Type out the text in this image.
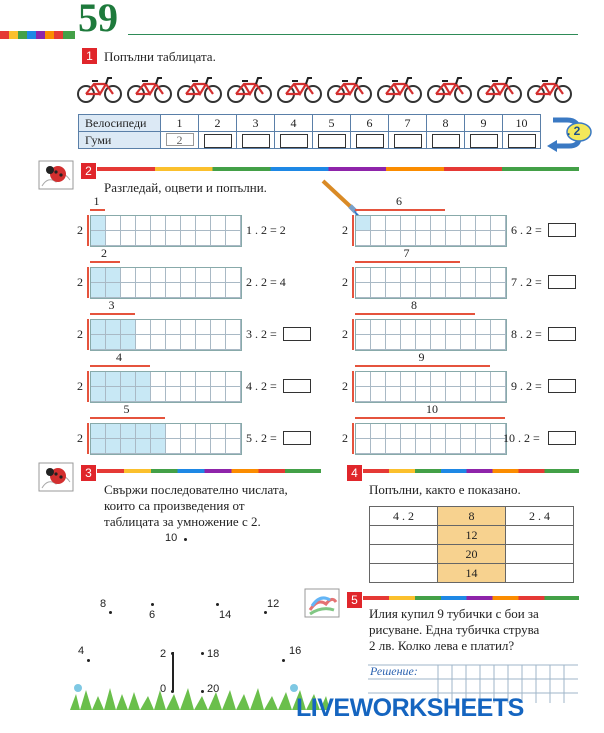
59
1 Попълни таблицата.
Велосипеди	1	2	3	4	5	6	7	8	9	10
Гуми	2									
. 2
2
Разгледай, оцвети и попълни.
1
2	1 . 2 = 2
2
2	2 . 2 = 4
3
2	3 . 2 =
4
2	4 . 2 =
5
2	5 . 2 =
6
2	6 . 2 =
7
2	7 . 2 =
8
2	8 . 2 =
9
2	9 . 2 =
10
2	10 . 2 =
3
Свържи последователно числата,
които са произведения от
таблицата за умножение с 2.
10
8
6	14
12
4	2	18	16
0	20
4
Попълни, както е показано.
4 . 2	8	2 . 4
	12	
	20	
	14	
5
Илия купил 9 тубички с бои за
рисуване. Една тубичка струва
2 лв. Колко лева е платил?
Решение:
LIVEWORKSHEETS
